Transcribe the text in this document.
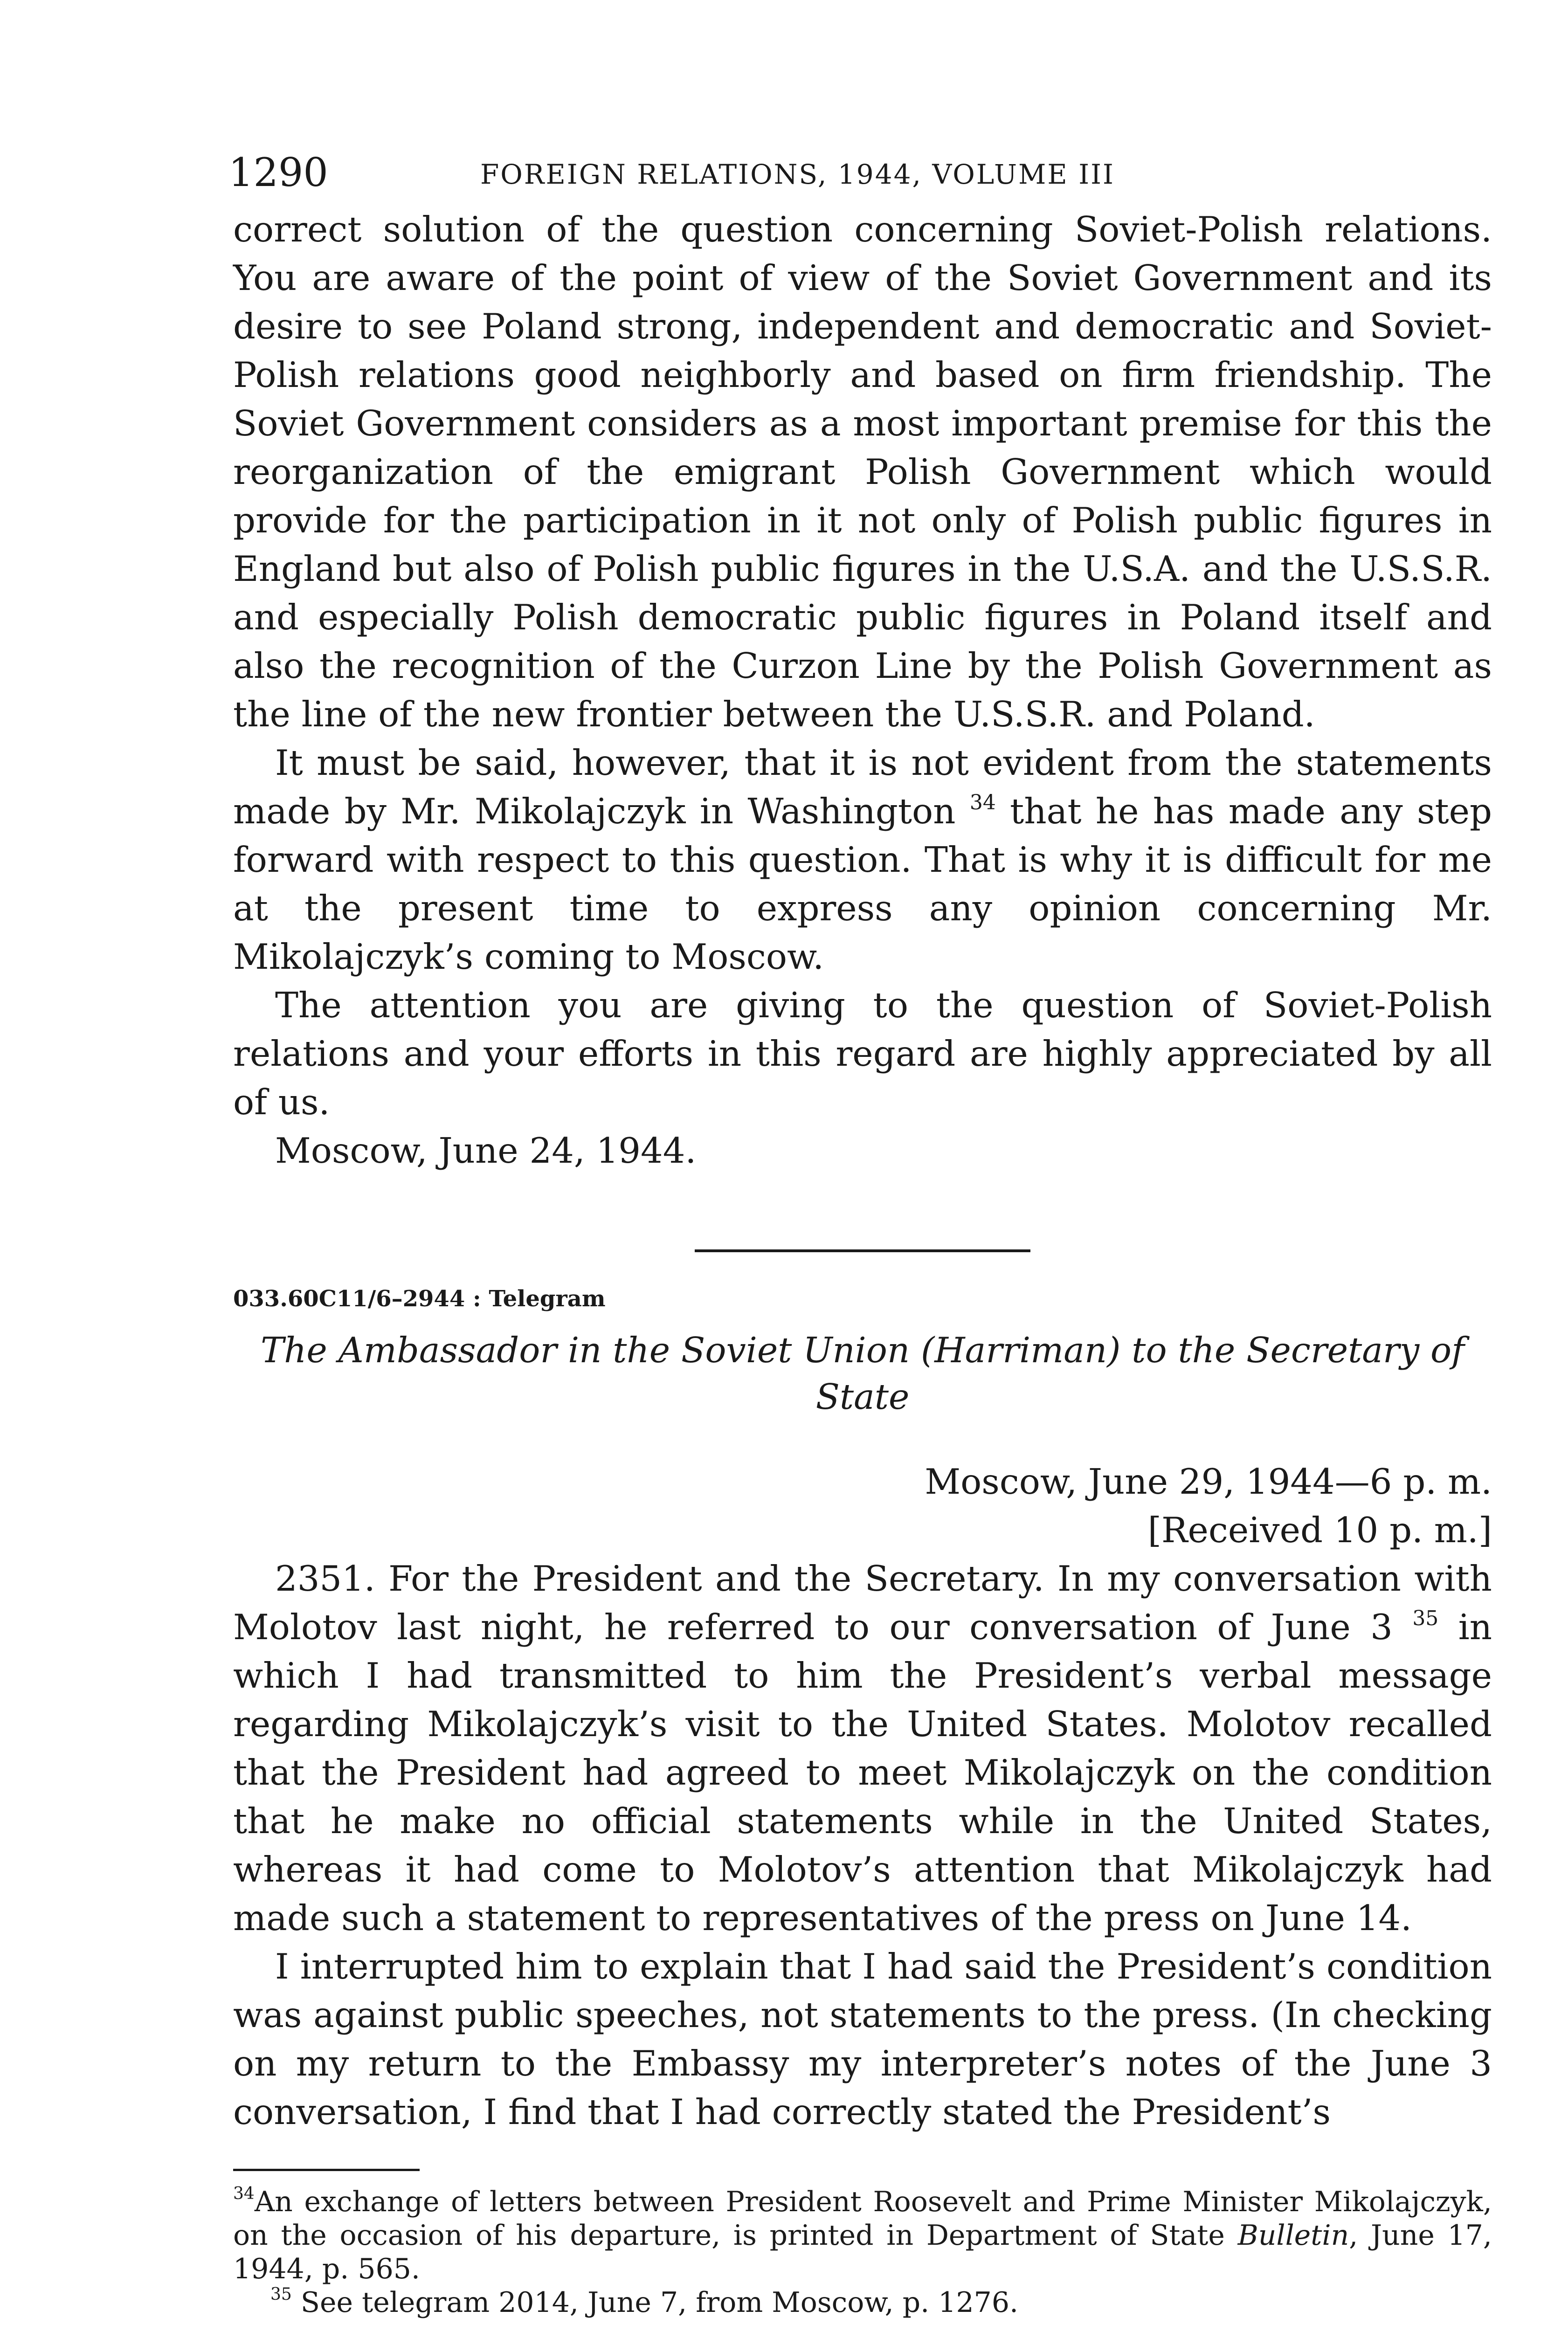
1290	FOREIGN RELATIONS, 1944, VOLUME III

correct solution of the question concerning Soviet-Polish relations. You are aware of the point of view of the Soviet Government and its desire to see Poland strong, independent and democratic and Soviet-Polish relations good neighborly and based on firm friendship. The Soviet Government considers as a most important premise for this the reorganization of the emigrant Polish Government which would provide for the participation in it not only of Polish public figures in England but also of Polish public figures in the U.S.A. and the U.S.S.R. and especially Polish democratic public figures in Poland itself and also the recognition of the Curzon Line by the Polish Government as the line of the new frontier between the U.S.S.R. and Poland.

It must be said, however, that it is not evident from the statements made by Mr. Mikolajczyk in Washington $^{34}$ that he has made any step forward with respect to this question. That is why it is difficult for me at the present time to express any opinion concerning Mr. Mikolajczyk’s coming to Moscow.

The attention you are giving to the question of Soviet-Polish relations and your efforts in this regard are highly appreciated by all of us.

Moscow, June 24, 1944.

033.60C11/6–2944 : Telegram
The Ambassador in the Soviet Union (Harriman) to the Secretary of State

Moscow, June 29, 1944—6 p. m.

[Received 10 p. m.]

2351. For the President and the Secretary. In my conversation with Molotov last night, he referred to our conversation of June 3 $^{35}$ in which I had transmitted to him the President’s verbal message regarding Mikolajczyk’s visit to the United States. Molotov recalled that the President had agreed to meet Mikolajczyk on the condition that he make no official statements while in the United States, whereas it had come to Molotov’s attention that Mikolajczyk had made such a statement to representatives of the press on June 14.

I interrupted him to explain that I had said the President’s condition was against public speeches, not statements to the press. (In checking on my return to the Embassy my interpreter’s notes of the June 3 conversation, I find that I had correctly stated the President’s

$^{34}$An exchange of letters between President Roosevelt and Prime Minister Mikolajczyk, on the occasion of his departure, is printed in Department of State Bulletin, June 17, 1944, p. 565.

$^{35}$ See telegram 2014, June 7, from Moscow, p. 1276.
